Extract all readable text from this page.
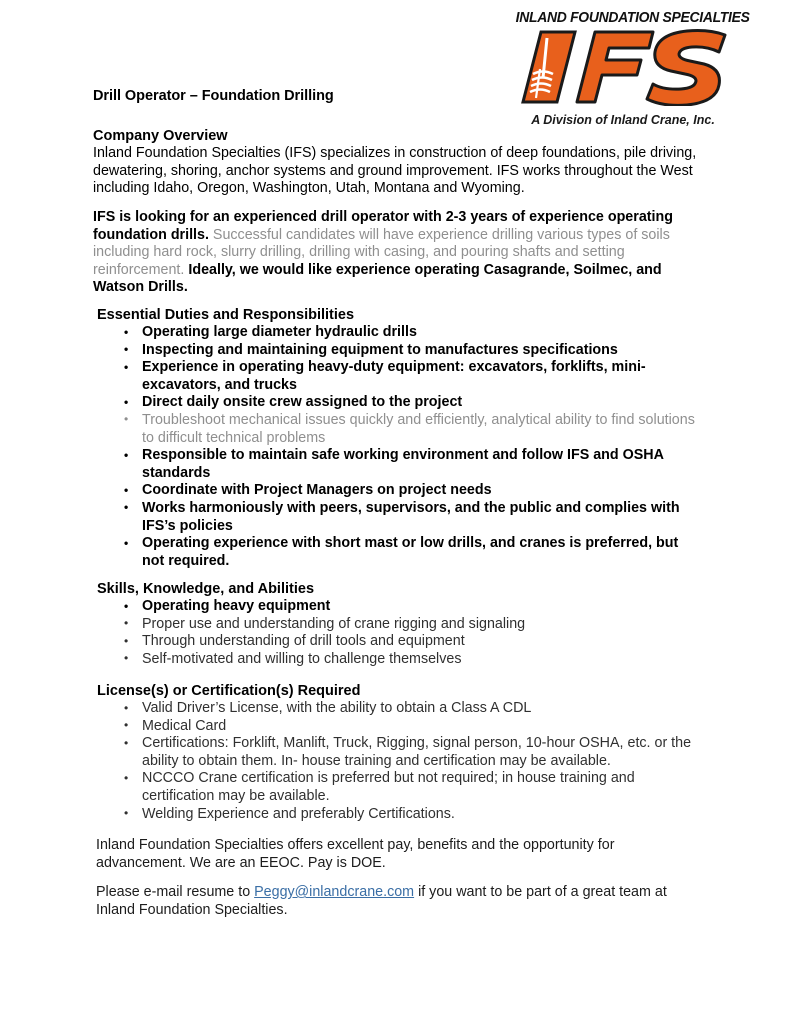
INLAND FOUNDATION SPECIALTIES
A Division of Inland Crane, Inc.
Drill Operator – Foundation Drilling
Company Overview
Inland Foundation Specialties (IFS) specializes in construction of deep foundations, pile driving, dewatering, shoring, anchor systems and ground improvement. IFS works throughout the West including Idaho, Oregon, Washington, Utah, Montana and Wyoming.
IFS is looking for an experienced drill operator with 2-3 years of experience operating foundation drills. Successful candidates will have experience drilling various types of soils including hard rock, slurry drilling, drilling with casing, and pouring shafts and setting reinforcement. Ideally, we would like experience operating Casagrande, Soilmec, and Watson Drills.
Essential Duties and Responsibilities
• Operating large diameter hydraulic drills
• Inspecting and maintaining equipment to manufactures specifications
• Experience in operating heavy-duty equipment: excavators, forklifts, mini-excavators, and trucks
• Direct daily onsite crew assigned to the project
• Troubleshoot mechanical issues quickly and efficiently, analytical ability to find solutions to difficult technical problems
• Responsible to maintain safe working environment and follow IFS and OSHA standards
• Coordinate with Project Managers on project needs
• Works harmoniously with peers, supervisors, and the public and complies with IFS’s policies
• Operating experience with short mast or low drills, and cranes is preferred, but not required.
Skills, Knowledge, and Abilities
• Operating heavy equipment
• Proper use and understanding of crane rigging and signaling
• Through understanding of drill tools and equipment
• Self-motivated and willing to challenge themselves
License(s) or Certification(s) Required
• Valid Driver’s License, with the ability to obtain a Class A CDL
• Medical Card
• Certifications: Forklift, Manlift, Truck, Rigging, signal person, 10-hour OSHA, etc. or the ability to obtain them. In- house training and certification may be available.
• NCCCO Crane certification is preferred but not required; in house training and certification may be available.
• Welding Experience and preferably Certifications.
Inland Foundation Specialties offers excellent pay, benefits and the opportunity for advancement. We are an EEOC. Pay is DOE.
Please e-mail resume to Peggy@inlandcrane.com if you want to be part of a great team at Inland Foundation Specialties.
